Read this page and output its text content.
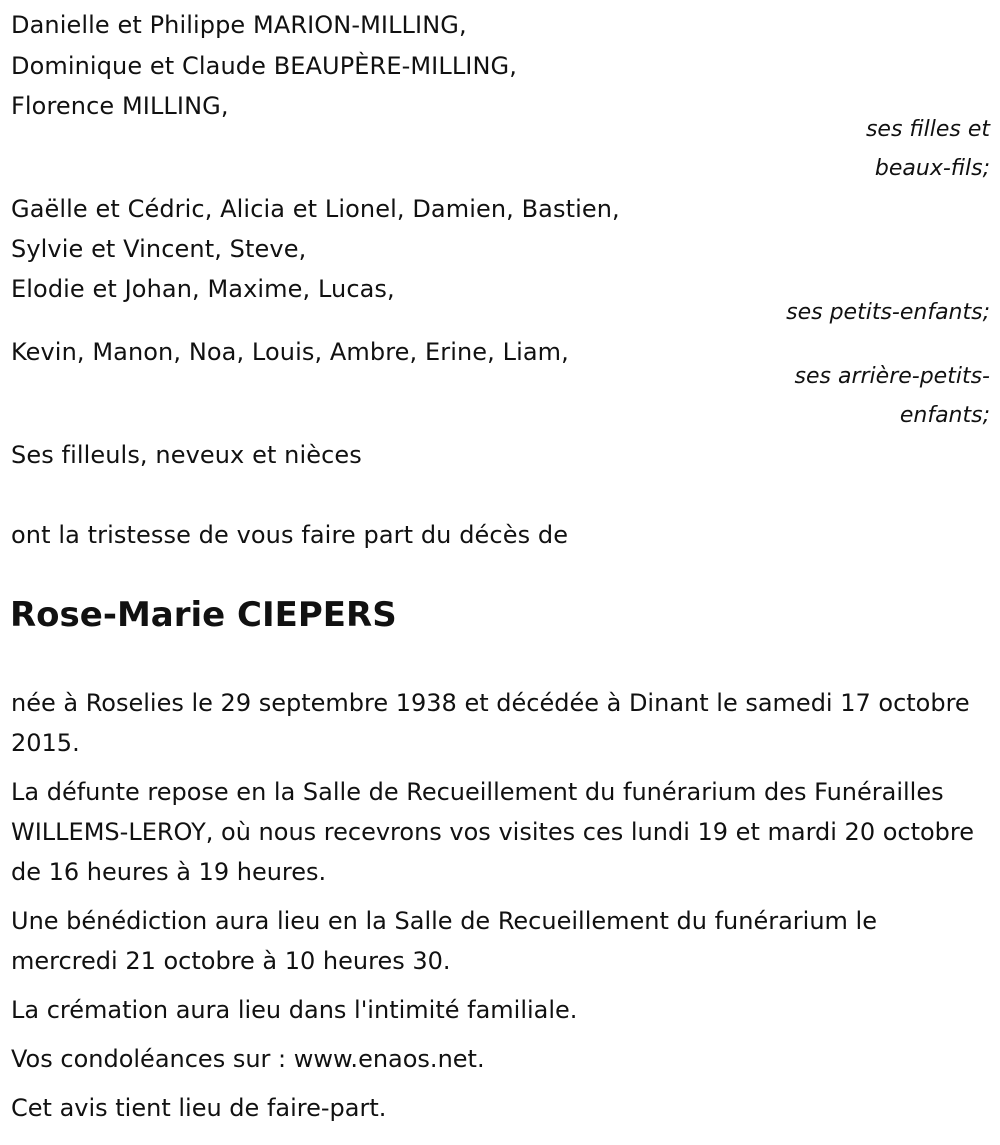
Danielle et Philippe MARION-MILLING,
Dominique et Claude BEAUPÈRE-MILLING,
Florence MILLING,
ses filles et
beaux-fils;
Gaëlle et Cédric, Alicia et Lionel, Damien, Bastien,
Sylvie et Vincent, Steve,
Elodie et Johan, Maxime, Lucas,
ses petits-enfants;
Kevin, Manon, Noa, Louis, Ambre, Erine, Liam,
ses arrière-petits-
enfants;
Ses filleuls, neveux et nièces
ont la tristesse de vous faire part du décès de
Rose-Marie CIEPERS

née à Roselies le 29 septembre 1938 et décédée à Dinant le samedi 17 octobre 2015.

La défunte repose en la Salle de Recueillement du funérarium des Funérailles WILLEMS-LEROY, où nous recevrons vos visites ces lundi 19 et mardi 20 octobre de 16 heures à 19 heures.

Une bénédiction aura lieu en la Salle de Recueillement du funérarium le mercredi 21 octobre à 10 heures 30.

La crémation aura lieu dans l'intimité familiale.

Vos condoléances sur : www.enaos.net.

Cet avis tient lieu de faire-part.
